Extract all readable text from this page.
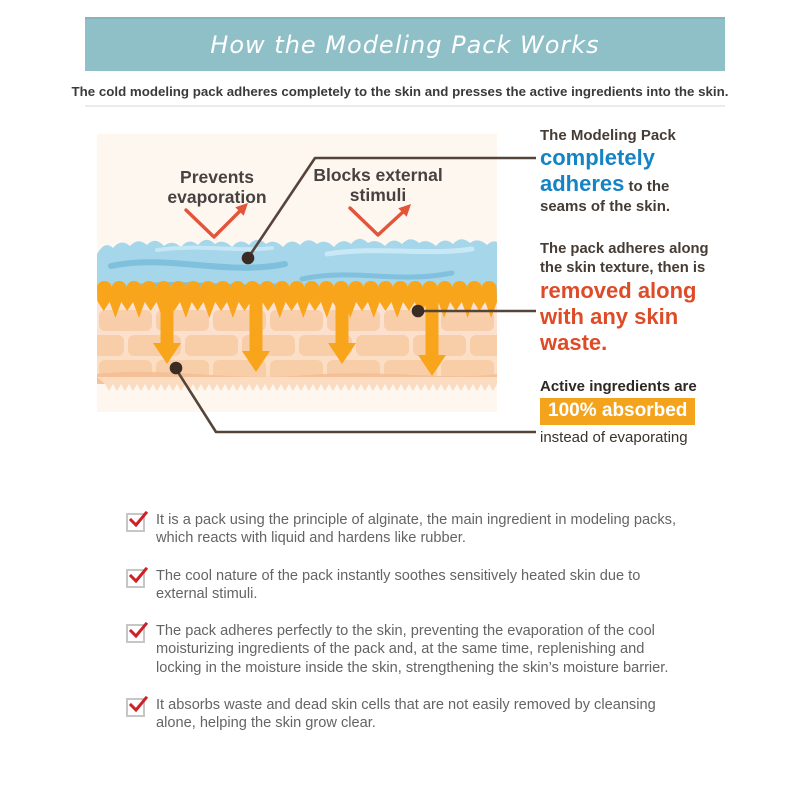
How the Modeling Pack Works
The cold modeling pack adheres completely to the skin and presses the active ingredients into the skin.
Prevents
evaporation
Blocks external
stimuli
The Modeling Pack
completely
adheres to the
seams of the skin.
The pack adheres along
the skin texture, then is
removed along
with any skin
waste.
Active ingredients are
100% absorbed
instead of evaporating
It is a pack using the principle of alginate, the main ingredient in modeling packs,
which reacts with liquid and hardens like rubber.
The cool nature of the pack instantly soothes sensitively heated skin due to
external stimuli.
The pack adheres perfectly to the skin, preventing the evaporation of the cool
moisturizing ingredients of the pack and, at the same time, replenishing and
locking in the moisture inside the skin, strengthening the skin’s moisture barrier.
It absorbs waste and dead skin cells that are not easily removed by cleansing
alone, helping the skin grow clear.
